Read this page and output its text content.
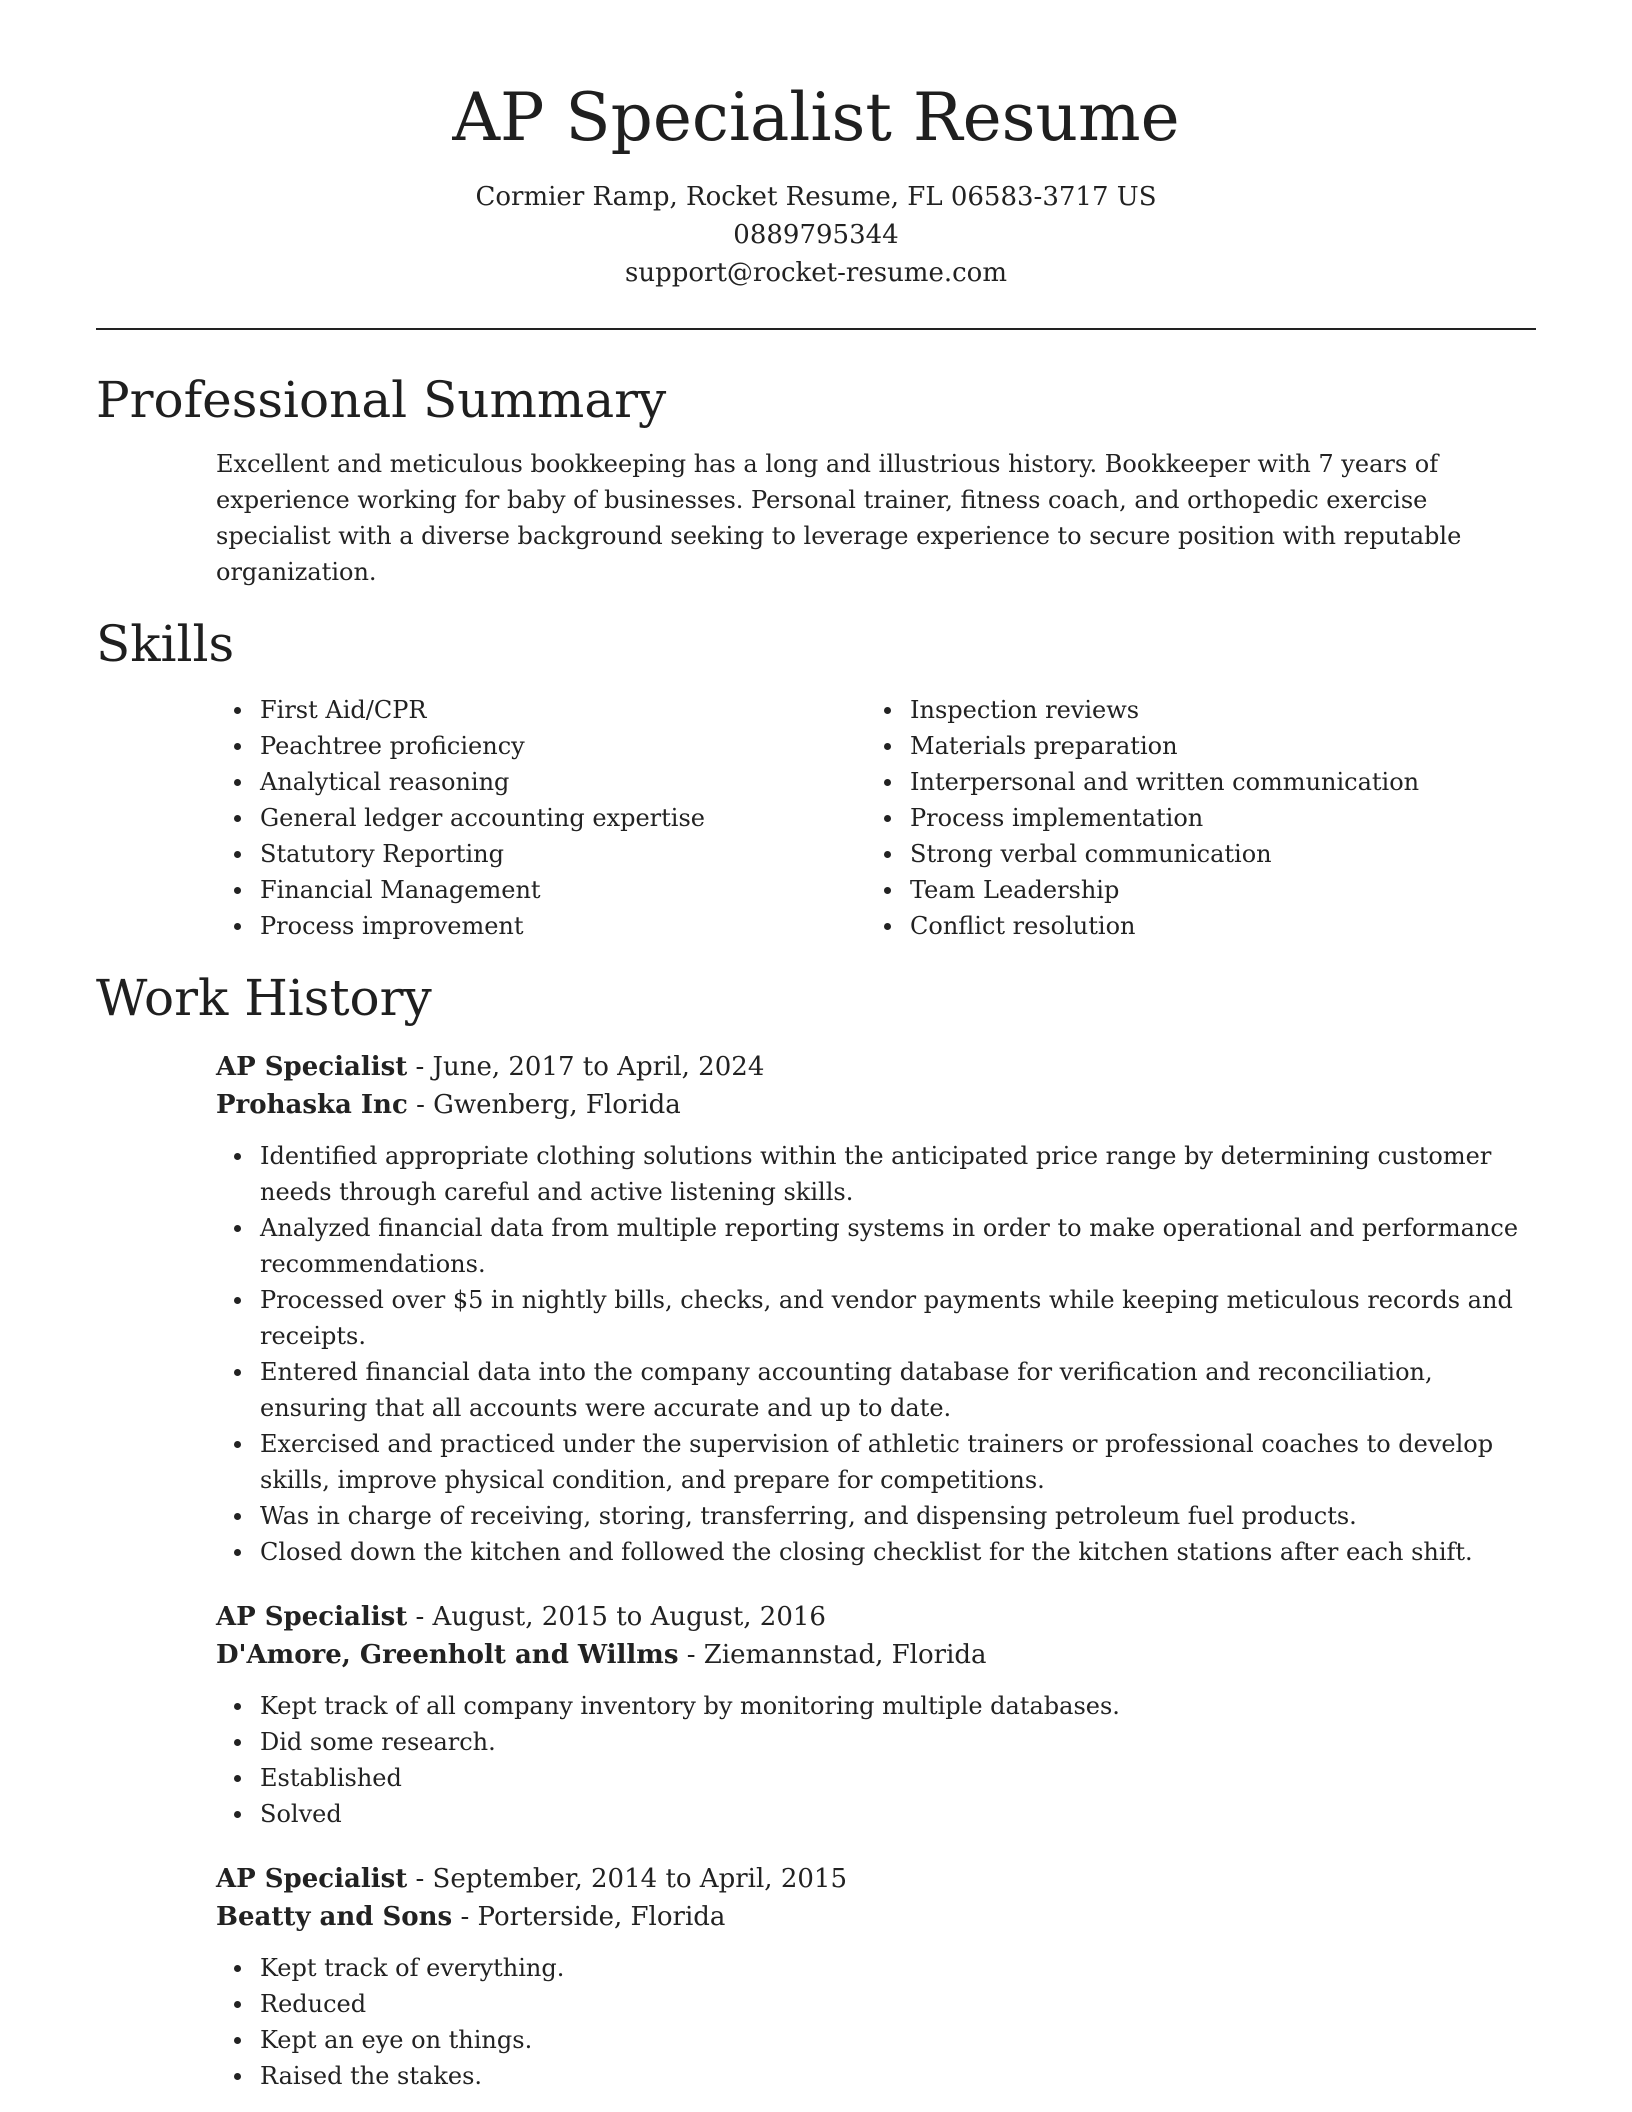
AP Specialist Resume
Cormier Ramp, Rocket Resume, FL 06583-3717 US
0889795344
support@rocket-resume.com
Professional Summary

Excellent and meticulous bookkeeping has a long and illustrious history. Bookkeeper with 7 years of experience working for baby of businesses. Personal trainer, fitness coach, and orthopedic exercise specialist with a diverse background seeking to leverage experience to secure position with reputable organization.

Skills
First Aid/CPR
Peachtree proficiency
Analytical reasoning
General ledger accounting expertise
Statutory Reporting
Financial Management
Process improvement
Inspection reviews
Materials preparation
Interpersonal and written communication
Process implementation
Strong verbal communication
Team Leadership
Conflict resolution
Work History
AP Specialist - June, 2017 to April, 2024
Prohaska Inc - Gwenberg, Florida
Identified appropriate clothing solutions within the anticipated price range by determining customer needs through careful and active listening skills.
Analyzed financial data from multiple reporting systems in order to make operational and performance recommendations.
Processed over $5 in nightly bills, checks, and vendor payments while keeping meticulous records and receipts.
Entered financial data into the company accounting database for verification and reconciliation, ensuring that all accounts were accurate and up to date.
Exercised and practiced under the supervision of athletic trainers or professional coaches to develop skills, improve physical condition, and prepare for competitions.
Was in charge of receiving, storing, transferring, and dispensing petroleum fuel products.
Closed down the kitchen and followed the closing checklist for the kitchen stations after each shift.
AP Specialist - August, 2015 to August, 2016
D'Amore, Greenholt and Willms - Ziemannstad, Florida
Kept track of all company inventory by monitoring multiple databases.
Did some research.
Established
Solved
AP Specialist - September, 2014 to April, 2015
Beatty and Sons - Porterside, Florida
Kept track of everything.
Reduced
Kept an eye on things.
Raised the stakes.
